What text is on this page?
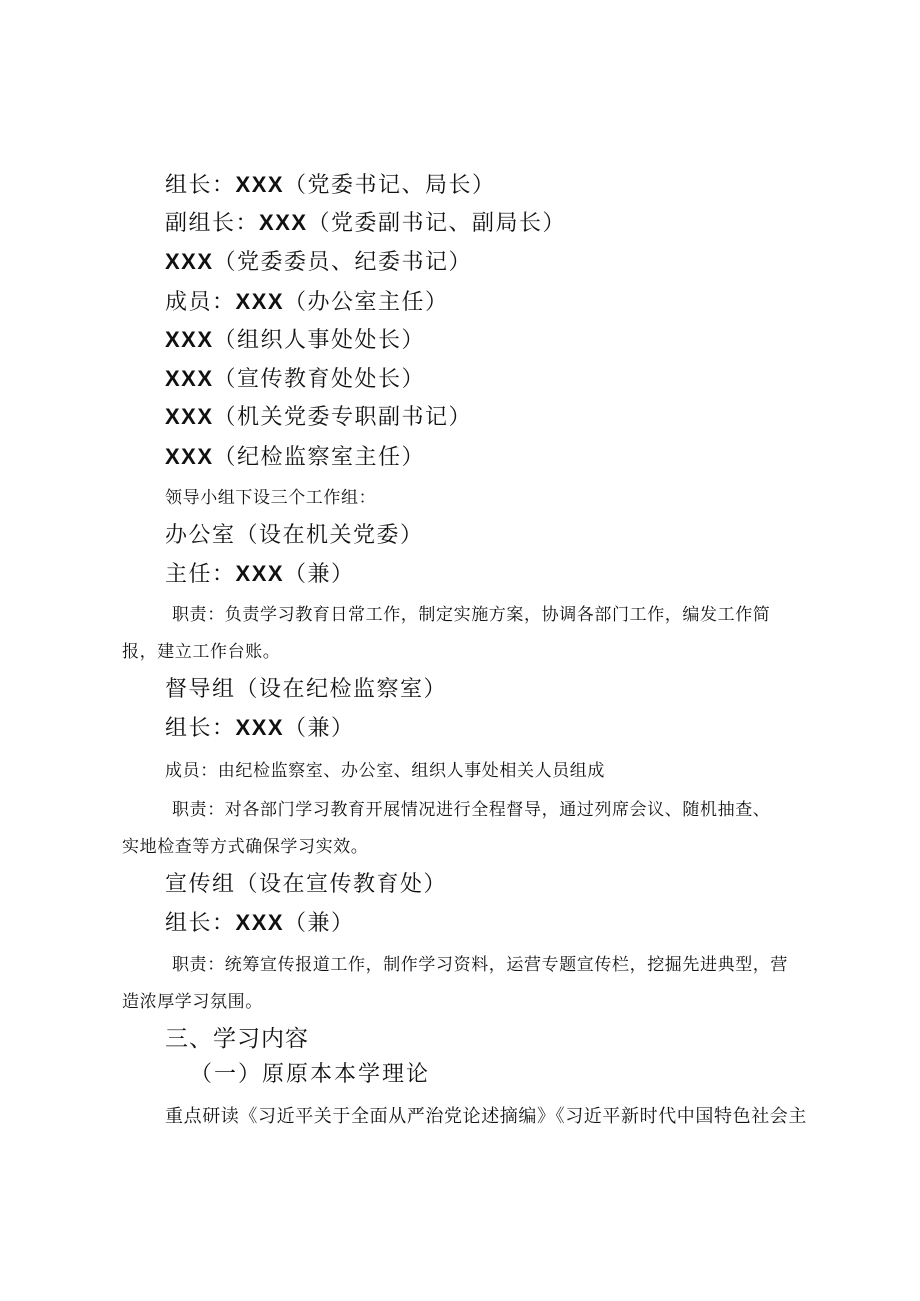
组长：XXX（党委书记、局长）
副组长：XXX（党委副书记、副局长）
XXX（党委委员、纪委书记）
成员：XXX（办公室主任）
XXX（组织人事处处长）
XXX（宣传教育处处长）
XXX（机关党委专职副书记）
XXX（纪检监察室主任）
领导小组下设三个工作组：
办公室（设在机关党委）
主任：XXX（兼）
职责：负责学习教育日常工作，制定实施方案，协调各部门工作，编发工作简
报，建立工作台账。
督导组（设在纪检监察室）
组长：XXX（兼）
成员：由纪检监察室、办公室、组织人事处相关人员组成
职责：对各部门学习教育开展情况进行全程督导，通过列席会议、随机抽查、
实地检查等方式确保学习实效。
宣传组（设在宣传教育处）
组长：XXX（兼）
职责：统筹宣传报道工作，制作学习资料，运营专题宣传栏，挖掘先进典型，营
造浓厚学习氛围。
三、学习内容
（一）原原本本学理论
重点研读《习近平关于全面从严治党论述摘编》《习近平新时代中国特色社会主
